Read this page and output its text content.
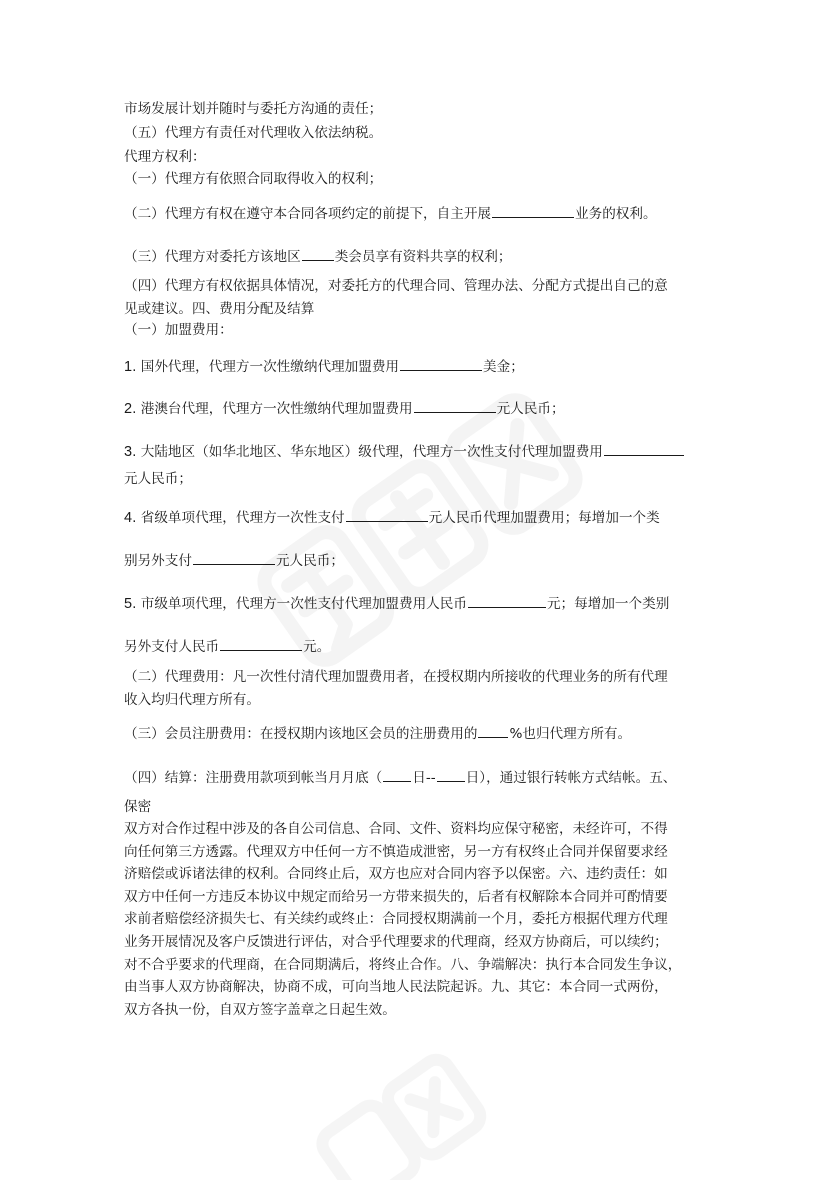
市场发展计划并随时与委托方沟通的责任；
（五）代理方有责任对代理收入依法纳税。
代理方权利：
（一）代理方有依照合同取得收入的权利；
（二）代理方有权在遵守本合同各项约定的前提下，自主开展	业务的权利。
（三）代理方对委托方该地区	类会员享有资料共享的权利；
（四）代理方有权依据具体情况，对委托方的代理合同、管理办法、分配方式提出自己的意
见或建议。四、费用分配及结算
（一）加盟费用：
1. 国外代理，代理方一次性缴纳代理加盟费用	美金；
2. 港澳台代理，代理方一次性缴纳代理加盟费用	元人民币；
3. 大陆地区（如华北地区、华东地区）级代理，代理方一次性支付代理加盟费用
元人民币；
4. 省级单项代理，代理方一次性支付	元人民币代理加盟费用；每增加一个类
别另外支付	元人民币；
5. 市级单项代理，代理方一次性支付代理加盟费用人民币	元；每增加一个类别
另外支付人民币	元。
（二）代理费用：凡一次性付清代理加盟费用者，在授权期内所接收的代理业务的所有代理
收入均归代理方所有。
（三）会员注册费用：在授权期内该地区会员的注册费用的 %也归代理方所有。
（四）结算：注册费用款项到帐当月月底（ 日-- 日），通过银行转帐方式结帐。五、
保密
双方对合作过程中涉及的各自公司信息、合同、文件、资料均应保守秘密，未经许可，不得
向任何第三方透露。代理双方中任何一方不慎造成泄密，另一方有权终止合同并保留要求经
济赔偿或诉诸法律的权利。合同终止后，双方也应对合同内容予以保密。六、违约责任：如
双方中任何一方违反本协议中规定而给另一方带来损失的，后者有权解除本合同并可酌情要
求前者赔偿经济损失七、有关续约或终止：合同授权期满前一个月，委托方根据代理方代理
业务开展情况及客户反馈进行评估，对合乎代理要求的代理商，经双方协商后，可以续约；
对不合乎要求的代理商，在合同期满后，将终止合作。八、争端解决：执行本合同发生争议，
由当事人双方协商解决，协商不成，可向当地人民法院起诉。九、其它：本合同一式两份，
双方各执一份，自双方签字盖章之日起生效。
